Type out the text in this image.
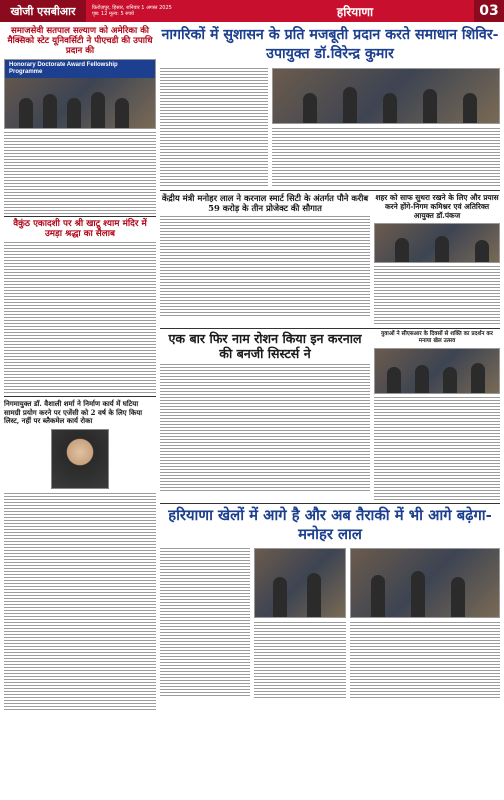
खोजी एसबीआर	फ़िरोज़पुर, हिसार, शनिवार 1 अगस्त 2025
पृष्ठ: 12 मूल्य: 5 रुपये	हरियाणा	03
समाजसेवी सतपाल सल्याण को अमेरिका की मैक्सिको स्टेट यूनिवर्सिटी ने पीएचडी की उपाधि प्रदान की
Honorary Doctorate Award Fellowship Programme
वैकुंठ एकादशी पर श्री खाटू श्याम मंदिर में उमड़ा श्रद्धा का सैलाब
निगमायुक्त डॉ. वैशाली शर्मा ने निर्माण कार्य में घटिया सामग्री प्रयोग करने पर एजेंसी को 2 वर्ष के लिए किया लिस्ट, नहीं पर ब्लैकमेल कार्य रोका
नागरिकों में सुशासन के प्रति मजबूती प्रदान करते समाधान शिविर-उपायुक्त डॉ.विरेन्द्र कुमार
केंद्रीय मंत्री मनोहर लाल ने करनाल स्मार्ट सिटी के अंतर्गत पौने करीब 59 करोड़ के तीन प्रोजेक्ट की सौगात
शहर को साफ सुथरा रखने के लिए और प्रयास करने होंगे-निगम कमिश्नर एवं अतिरिक्त आयुक्त डॉ.पंकज
एक बार फिर नाम रोशन किया इन करनाल की बनजी सिस्टर्स ने
युवाओं ने सीएसआर के दिवसों से शक्ति का प्रदर्शन कर मनाया खेल उत्सव
हरियाणा खेलों में आगे है और अब तैराकी में भी आगे बढ़ेगा-मनोहर लाल
